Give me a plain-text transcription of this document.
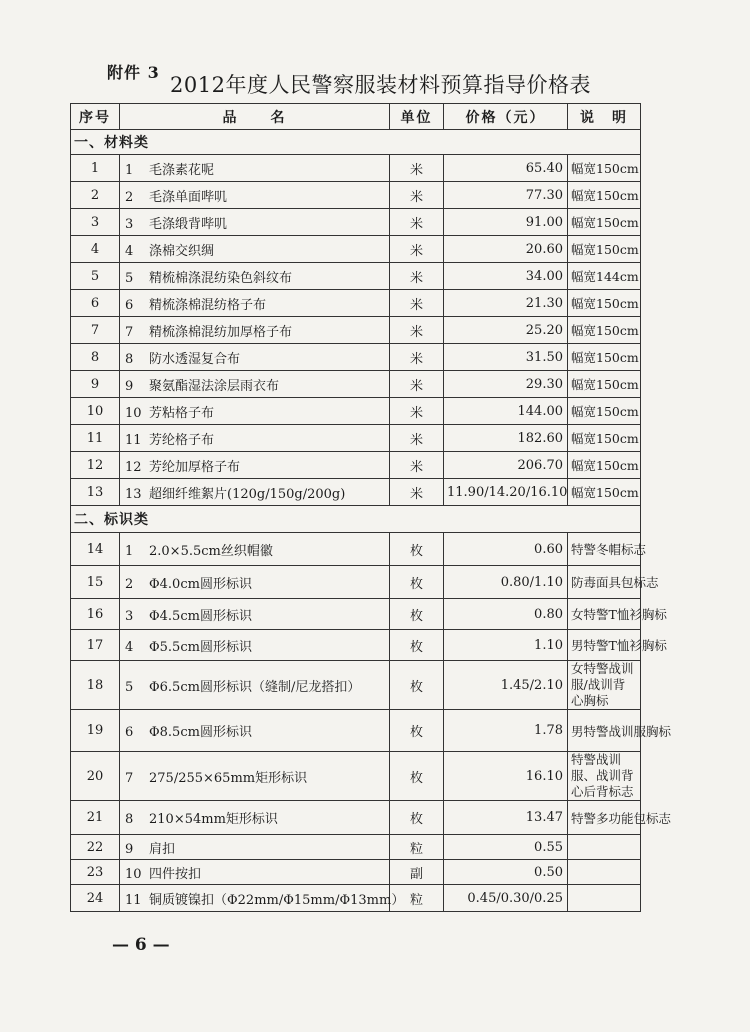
附件 3
2012年度人民警察服装材料预算指导价格表
序号	品　　名	单位	价格（元）	说　明
一、材料类				
1	1 毛涤素花呢	米	65.40	幅宽150cm
2	2 毛涤单面哔叽	米	77.30	幅宽150cm
3	3 毛涤缎背哔叽	米	91.00	幅宽150cm
4	4 涤棉交织绸	米	20.60	幅宽150cm
5	5 精梳棉涤混纺染色斜纹布	米	34.00	幅宽144cm
6	6 精梳涤棉混纺格子布	米	21.30	幅宽150cm
7	7 精梳涤棉混纺加厚格子布	米	25.20	幅宽150cm
8	8 防水透湿复合布	米	31.50	幅宽150cm
9	9 聚氨酯湿法涂层雨衣布	米	29.30	幅宽150cm
10	10 芳粘格子布	米	144.00	幅宽150cm
11	11 芳纶格子布	米	182.60	幅宽150cm
12	12 芳纶加厚格子布	米	206.70	幅宽150cm
13	13 超细纤维絮片(120g/150g/200g)	米	11.90/14.20/16.10	幅宽150cm
二、标识类				
14	1 2.0×5.5cm丝织帽徽	枚	0.60	特警冬帽标志
15	2 Φ4.0cm圆形标识	枚	0.80/1.10	防毒面具包标志
16	3 Φ4.5cm圆形标识	枚	0.80	女特警T恤衫胸标
17	4 Φ5.5cm圆形标识	枚	1.10	男特警T恤衫胸标
18	5 Φ6.5cm圆形标识（缝制/尼龙搭扣）	枚	1.45/2.10	女特警战训服/战训背心胸标
19	6 Φ8.5cm圆形标识	枚	1.78	男特警战训服胸标
20	7 275/255×65mm矩形标识	枚	16.10	特警战训服、战训背心后背标志
21	8 210×54mm矩形标识	枚	13.47	特警多功能包标志
22	9 肩扣	粒	0.55	
23	10 四件按扣	副	0.50	
24	11 铜质镀镍扣（Φ22mm/Φ15mm/Φ13mm）	粒	0.45/0.30/0.25	
— 6 —
